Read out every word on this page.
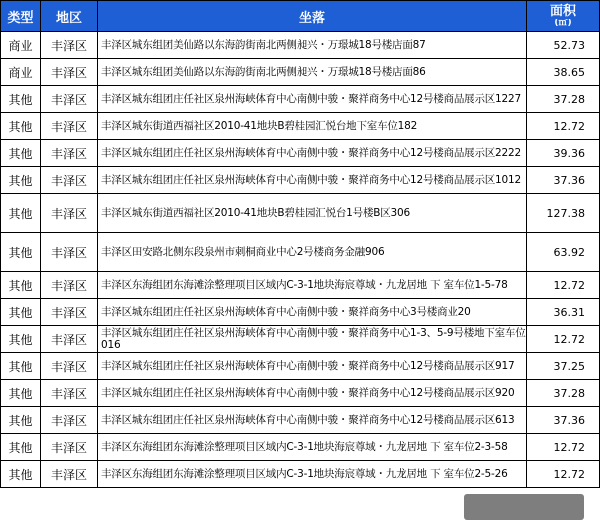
类型	地区	坐落	面积
(㎡)

商业	丰泽区	丰泽区城东组团美仙路以东海韵街南北两侧昶兴・万璟城18号楼店面87	52.73
商业	丰泽区	丰泽区城东组团美仙路以东海韵街南北两侧昶兴・万璟城18号楼店面86	38.65
其他	丰泽区	丰泽区城东组团庄任社区泉州海峡体育中心南侧中骏・聚祥商务中心12号楼商品展示区1227	37.28
其他	丰泽区	丰泽区城东街道西福社区2010-41地块B碧桂园汇悦台地下室车位182	12.72
其他	丰泽区	丰泽区城东组团庄任社区泉州海峡体育中心南侧中骏・聚祥商务中心12号楼商品展示区2222	39.36
其他	丰泽区	丰泽区城东组团庄任社区泉州海峡体育中心南侧中骏・聚祥商务中心12号楼商品展示区1012	37.36
其他	丰泽区	丰泽区城东街道西福社区2010-41地块B碧桂园汇悦台1号楼B区306	127.38
其他	丰泽区	丰泽区田安路北侧东段泉州市刺桐商业中心2号楼商务金融906	63.92
其他	丰泽区	丰泽区东海组团东海滩涂整理项目区域内C-3-1地块海宸尊域・九龙居地 下 室车位1-5-78	12.72
其他	丰泽区	丰泽区城东组团庄任社区泉州海峡体育中心南侧中骏・聚祥商务中心3号楼商业20	36.31
其他	丰泽区	丰泽区城东组团庄任社区泉州海峡体育中心南侧中骏・聚祥商务中心1-3、5-9号楼地下室车位016	12.72
其他	丰泽区	丰泽区城东组团庄任社区泉州海峡体育中心南侧中骏・聚祥商务中心12号楼商品展示区917	37.25
其他	丰泽区	丰泽区城东组团庄任社区泉州海峡体育中心南侧中骏・聚祥商务中心12号楼商品展示区920	37.28
其他	丰泽区	丰泽区城东组团庄任社区泉州海峡体育中心南侧中骏・聚祥商务中心12号楼商品展示区613	37.36
其他	丰泽区	丰泽区东海组团东海滩涂整理项目区域内C-3-1地块海宸尊域・九龙居地 下 室车位2-3-58	12.72
其他	丰泽区	丰泽区东海组团东海滩涂整理项目区域内C-3-1地块海宸尊域・九龙居地 下 室车位2-5-26	12.72
